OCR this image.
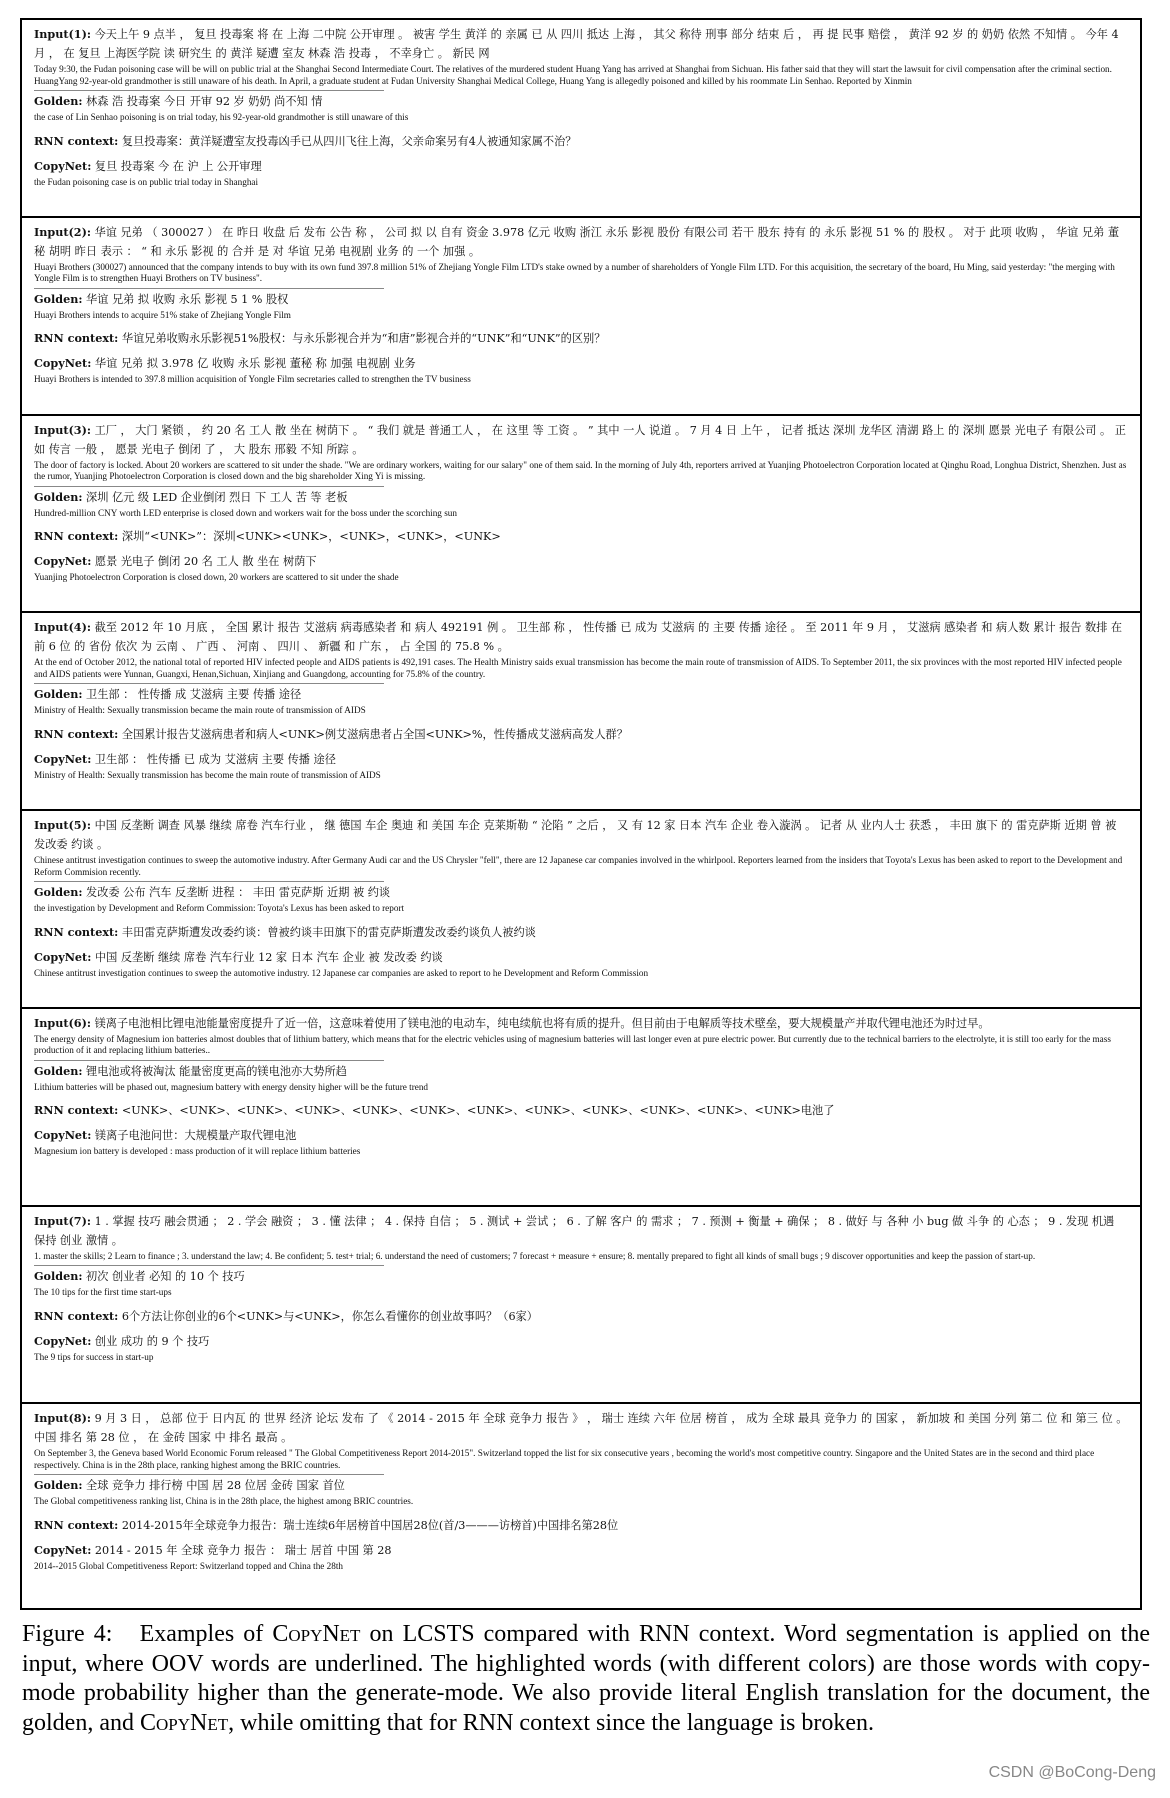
Input(1): 今天上午 9 点半 ， 复旦 投毒案 将 在 上海 二中院 公开审理 。 被害 学生 黄洋 的 亲属 已 从 四川 抵达 上海 ， 其父 称待 刑事 部分 结束 后 ， 再 提 民事 赔偿 ， 黄洋 92 岁 的 奶奶 依然 不知情 。 今年 4 月 ， 在 复旦 上海医学院 读 研究生 的 黄洋 疑遭 室友 林森 浩 投毒 ， 不幸身亡 。 新民 网
Today 9:30, the Fudan poisoning case will be will on public trial at the Shanghai Second Intermediate Court. The relatives of the murdered student Huang Yang has arrived at Shanghai from Sichuan. His father said that they will start the lawsuit for civil compensation after the criminal section. HuangYang 92-year-old grandmother is still unaware of his death. In April, a graduate student at Fudan University Shanghai Medical College, Huang Yang is allegedly poisoned and killed by his roommate Lin Senhao. Reported by Xinmin
Golden: 林森 浩 投毒案 今日 开审 92 岁 奶奶 尚不知 情
the case of Lin Senhao poisoning is on trial today, his 92-year-old grandmother is still unaware of this
RNN context: 复旦投毒案：黄洋疑遭室友投毒凶手已从四川飞往上海，父亲命案另有4人被通知家属不治？
CopyNet: 复旦 投毒案 今 在 沪 上 公开审理
the Fudan poisoning case is on public trial today in Shanghai
Input(2): 华谊 兄弟 （ 300027 ） 在 昨日 收盘 后 发布 公告 称 ， 公司 拟 以 自有 资金 3.978 亿元 收购 浙江 永乐 影视 股份 有限公司 若干 股东 持有 的 永乐 影视 51 % 的 股权 。 对于 此项 收购 ， 华谊 兄弟 董秘 胡明 昨日 表示 ： “ 和 永乐 影视 的 合并 是 对 华谊 兄弟 电视剧 业务 的 一个 加强 。
Huayi Brothers (300027) announced that the company intends to buy with its own fund 397.8 million 51% of Zhejiang Yongle Film LTD's stake owned by a number of shareholders of Yongle Film LTD. For this acquisition, the secretary of the board, Hu Ming, said yesterday: "the merging with Yongle Film is to strengthen Huayi Brothers on TV business".
Golden: 华谊 兄弟 拟 收购 永乐 影视 5 1 % 股权
Huayi Brothers intends to acquire 51% stake of Zhejiang Yongle Film
RNN context: 华谊兄弟收购永乐影视51%股权：与永乐影视合并为“和唐”影视合并的“UNK”和“UNK”的区别？
CopyNet: 华谊 兄弟 拟 3.978 亿 收购 永乐 影视 董秘 称 加强 电视剧 业务
Huayi Brothers is intended to 397.8 million acquisition of Yongle Film secretaries called to strengthen the TV business
Input(3): 工厂 ， 大门 紧锁 ， 约 20 名 工人 散 坐在 树荫下 。 “ 我们 就是 普通工人 ， 在 这里 等 工资 。 ” 其中 一人 说道 。 7 月 4 日 上午 ， 记者 抵达 深圳 龙华区 清湖 路上 的 深圳 愿景 光电子 有限公司 。 正如 传言 一般 ， 愿景 光电子 倒闭 了 ， 大 股东 邢毅 不知 所踪 。
The door of factory is locked. About 20 workers are scattered to sit under the shade. "We are ordinary workers, waiting for our salary" one of them said. In the morning of July 4th, reporters arrived at Yuanjing Photoelectron Corporation located at Qinghu Road, Longhua District, Shenzhen. Just as the rumor, Yuanjing Photoelectron Corporation is closed down and the big shareholder Xing Yi is missing.
Golden: 深圳 亿元 级 LED 企业倒闭 烈日 下 工人 苦 等 老板
Hundred-million CNY worth LED enterprise is closed down and workers wait for the boss under the scorching sun
RNN context: 深圳“<UNK>”：深圳<UNK><UNK>，<UNK>，<UNK>，<UNK>
CopyNet: 愿景 光电子 倒闭 20 名 工人 散 坐在 树荫下
Yuanjing Photoelectron Corporation is closed down, 20 workers are scattered to sit under the shade
Input(4): 截至 2012 年 10 月底 ， 全国 累计 报告 艾滋病 病毒感染者 和 病人 492191 例 。 卫生部 称 ， 性传播 已 成为 艾滋病 的 主要 传播 途径 。 至 2011 年 9 月 ， 艾滋病 感染者 和 病人数 累计 报告 数排 在 前 6 位 的 省份 依次 为 云南 、 广西 、 河南 、 四川 、 新疆 和 广东 ， 占 全国 的 75.8 % 。
At the end of October 2012, the national total of reported HIV infected people and AIDS patients is 492,191 cases. The Health Ministry saids exual transmission has become the main route of transmission of AIDS. To September 2011, the six provinces with the most reported HIV infected people and AIDS patients were Yunnan, Guangxi, Henan,Sichuan, Xinjiang and Guangdong, accounting for 75.8% of the country.
Golden: 卫生部 ： 性传播 成 艾滋病 主要 传播 途径
Ministry of Health: Sexually transmission became the main route of transmission of AIDS
RNN context: 全国累计报告艾滋病患者和病人<UNK>例艾滋病患者占全国<UNK>%，性传播成艾滋病高发人群？
CopyNet: 卫生部 ： 性传播 已 成为 艾滋病 主要 传播 途径
Ministry of Health: Sexually transmission has become the main route of transmission of AIDS
Input(5): 中国 反垄断 调查 风暴 继续 席卷 汽车行业 ， 继 德国 车企 奥迪 和 美国 车企 克莱斯勒 “ 沦陷 ” 之后 ， 又 有 12 家 日本 汽车 企业 卷入漩涡 。 记者 从 业内人士 获悉 ， 丰田 旗下 的 雷克萨斯 近期 曾 被 发改委 约谈 。
Chinese antitrust investigation continues to sweep the automotive industry. After Germany Audi car and the US Chrysler "fell", there are 12 Japanese car companies involved in the whirlpool. Reporters learned from the insiders that Toyota's Lexus has been asked to report to the Development and Reform Commision recently.
Golden: 发改委 公布 汽车 反垄断 进程 ： 丰田 雷克萨斯 近期 被 约谈
the investigation by Development and Reform Commission: Toyota's Lexus has been asked to report
RNN context: 丰田雷克萨斯遭发改委约谈：曾被约谈丰田旗下的雷克萨斯遭发改委约谈负人被约谈
CopyNet: 中国 反垄断 继续 席卷 汽车行业 12 家 日本 汽车 企业 被 发改委 约谈
Chinese antitrust investigation continues to sweep the automotive industry. 12 Japanese car companies are asked to report to he Development and Reform Commission
Input(6): 镁离子电池相比锂电池能量密度提升了近一倍，这意味着使用了镁电池的电动车，纯电续航也将有质的提升。但目前由于电解质等技术壁垒，要大规模量产并取代锂电池还为时过早。
The energy density of Magnesium ion batteries almost doubles that of lithium battery, which means that for the electric vehicles using of magnesium batteries will last longer even at pure electric power. But currently due to the technical barriers to the electrolyte, it is still too early for the mass production of it and replacing lithium batteries..
Golden: 锂电池或将被淘汰 能量密度更高的镁电池亦大势所趋
Lithium batteries will be phased out, magnesium battery with energy density higher will be the future trend
RNN context: <UNK>、<UNK>、<UNK>、<UNK>、<UNK>、<UNK>、<UNK>、<UNK>、<UNK>、<UNK>、<UNK>、<UNK>电池了
CopyNet: 镁离子电池问世：大规模量产取代锂电池
Magnesium ion battery is developed : mass production of it will replace lithium batteries
Input(7): 1 . 掌握 技巧 融会贯通 ； 2 . 学会 融资 ； 3 . 懂 法律 ； 4 . 保持 自信 ； 5 . 测试 + 尝试 ； 6 . 了解 客户 的 需求 ； 7 . 预测 + 衡量 + 确保 ； 8 . 做好 与 各种 小 bug 做 斗争 的 心态 ； 9 . 发现 机遇 保持 创业 激情 。
1. master the skills; 2 Learn to finance ; 3. understand the law; 4. Be confident; 5. test+ trial; 6. understand the need of customers; 7 forecast + measure + ensure; 8. mentally prepared to fight all kinds of small bugs ; 9 discover opportunities and keep the passion of start-up.
Golden: 初次 创业者 必知 的 10 个 技巧
The 10 tips for the first time start-ups
RNN context: 6个方法让你创业的6个<UNK>与<UNK>，你怎么看懂你的创业故事吗？（6家）
CopyNet: 创业 成功 的 9 个 技巧
The 9 tips for success in start-up
Input(8): 9 月 3 日 ， 总部 位于 日内瓦 的 世界 经济 论坛 发布 了 《 2014 - 2015 年 全球 竞争力 报告 》 ， 瑞士 连续 六年 位居 榜首 ， 成为 全球 最具 竞争力 的 国家 ， 新加坡 和 美国 分列 第二 位 和 第三 位 。 中国 排名 第 28 位 ， 在 金砖 国家 中 排名 最高 。
On September 3, the Geneva based World Economic Forum released " The Global Competitiveness Report 2014-2015". Switzerland topped the list for six consecutive years , becoming the world's most competitive country. Singapore and the United States are in the second and third place respectively. China is in the 28th place, ranking highest among the BRIC countries.
Golden: 全球 竞争力 排行榜 中国 居 28 位居 金砖 国家 首位
The Global competitiveness ranking list, China is in the 28th place, the highest among BRIC countries.
RNN context: 2014-2015年全球竞争力报告：瑞士连续6年居榜首中国居28位(首/3———访榜首)中国排名第28位
CopyNet: 2014 - 2015 年 全球 竞争力 报告 ： 瑞士 居首 中国 第 28
2014--2015 Global Competitiveness Report: Switzerland topped and China the 28th
Figure 4: Examples of CopyNet on LCSTS compared with RNN context. Word segmentation is applied on the input, where OOV words are underlined. The highlighted words (with different colors) are those words with copy-mode probability higher than the generate-mode. We also provide literal English translation for the document, the golden, and CopyNet, while omitting that for RNN context since the language is broken.
CSDN @BoCong-Deng
